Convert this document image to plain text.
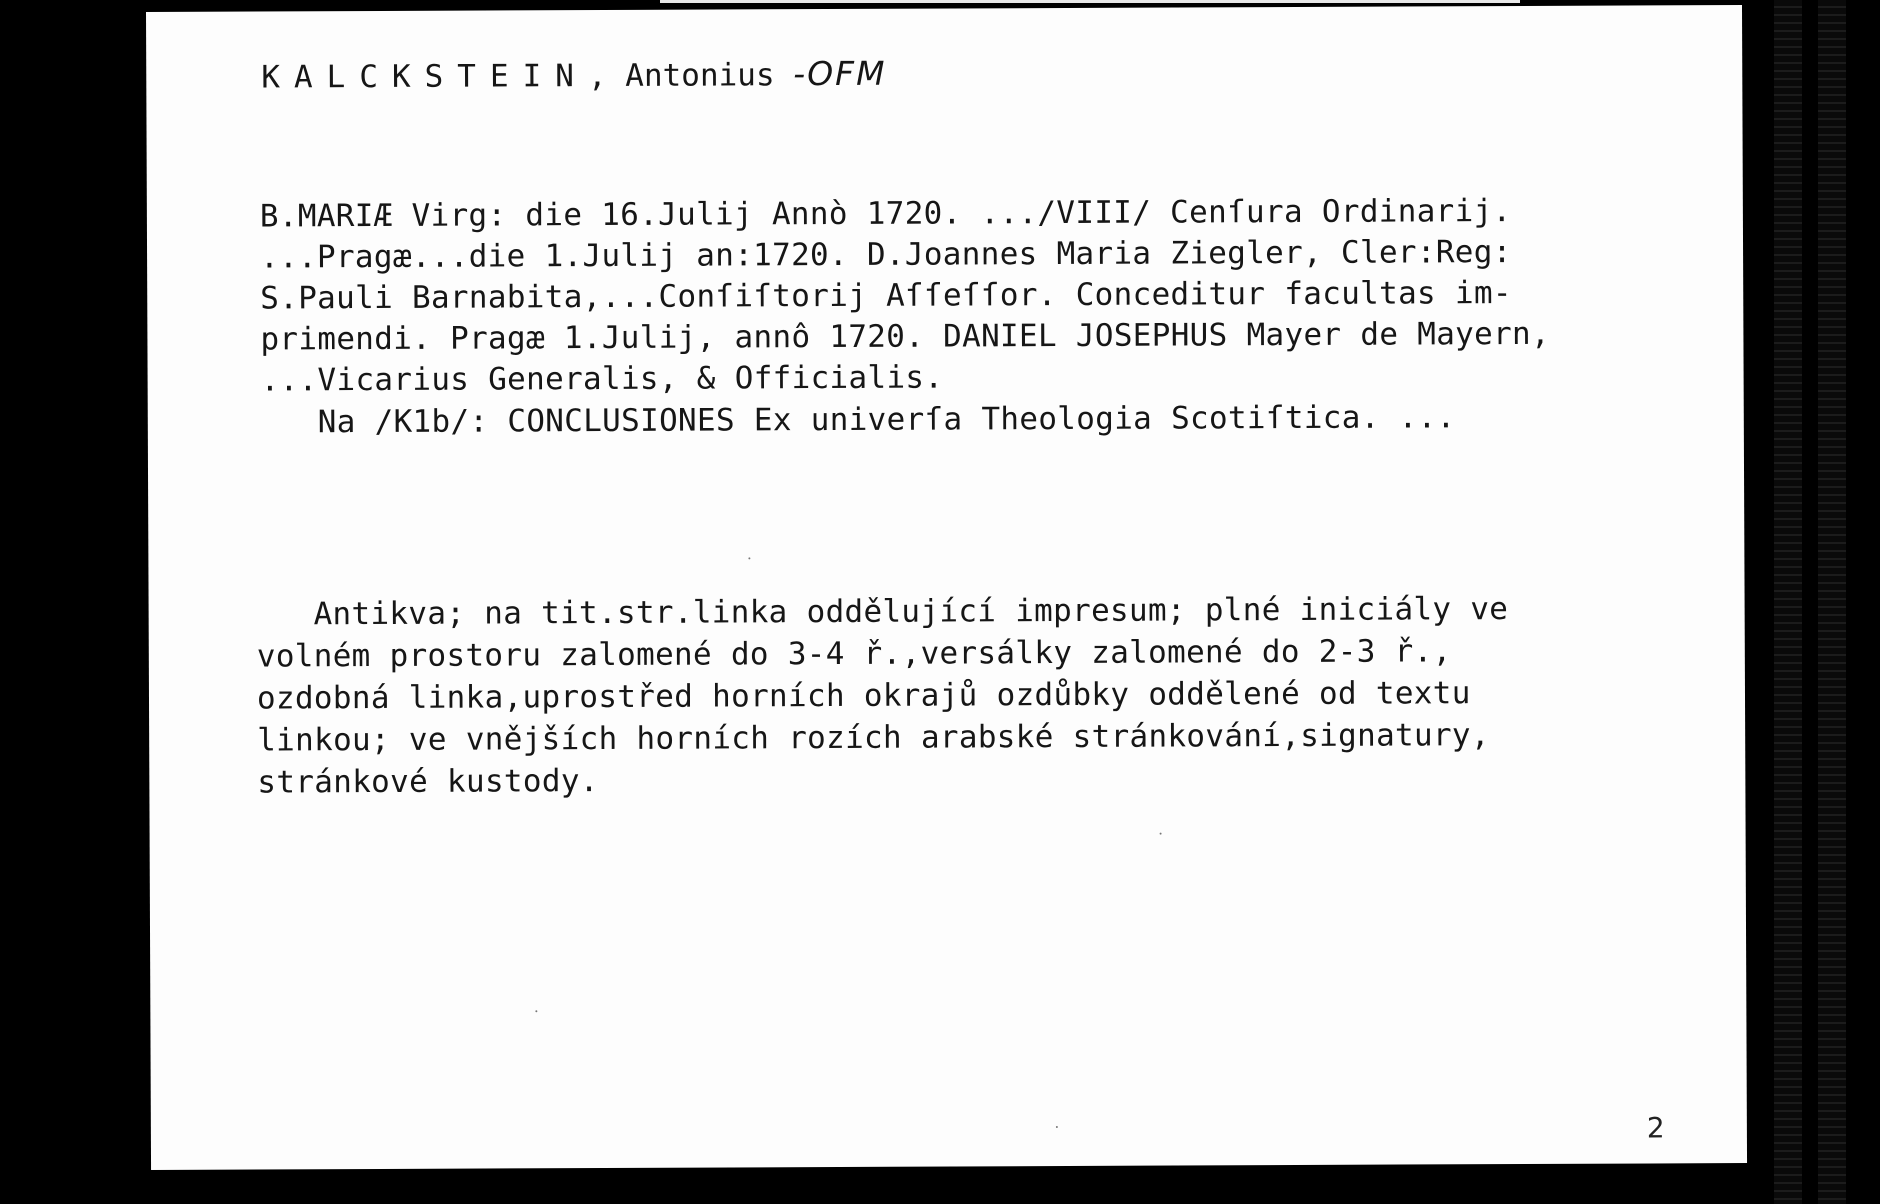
KALCKSTEIN, Antonius -OFM
B.MARIÆ Virg: die 16.Julij Annò 1720. .../VIII/ Cenſura Ordinarij.
...Pragæ...die 1.Julij an:1720. D.Joannes Maria Ziegler, Cler:Reg:
S.Pauli Barnabita,...Conſiſtorij Aſſeſſor. Conceditur facultas im-
primendi. Pragæ 1.Julij, annô 1720. DANIEL JOSEPHUS Mayer de Mayern,
...Vicarius Generalis, & Officialis.
Na /K1b/: CONCLUSIONES Ex univerſa Theologia Scotiſtica. ...
Antikva; na tit.str.linka oddělující impresum; plné iniciály ve
volném prostoru zalomené do 3-4 ř.,versálky zalomené do 2-3 ř.,
ozdobná linka,uprostřed horních okrajů ozdůbky oddělené od textu
linkou; ve vnějších horních rozích arabské stránkování,signatury,
stránkové kustody.
2
